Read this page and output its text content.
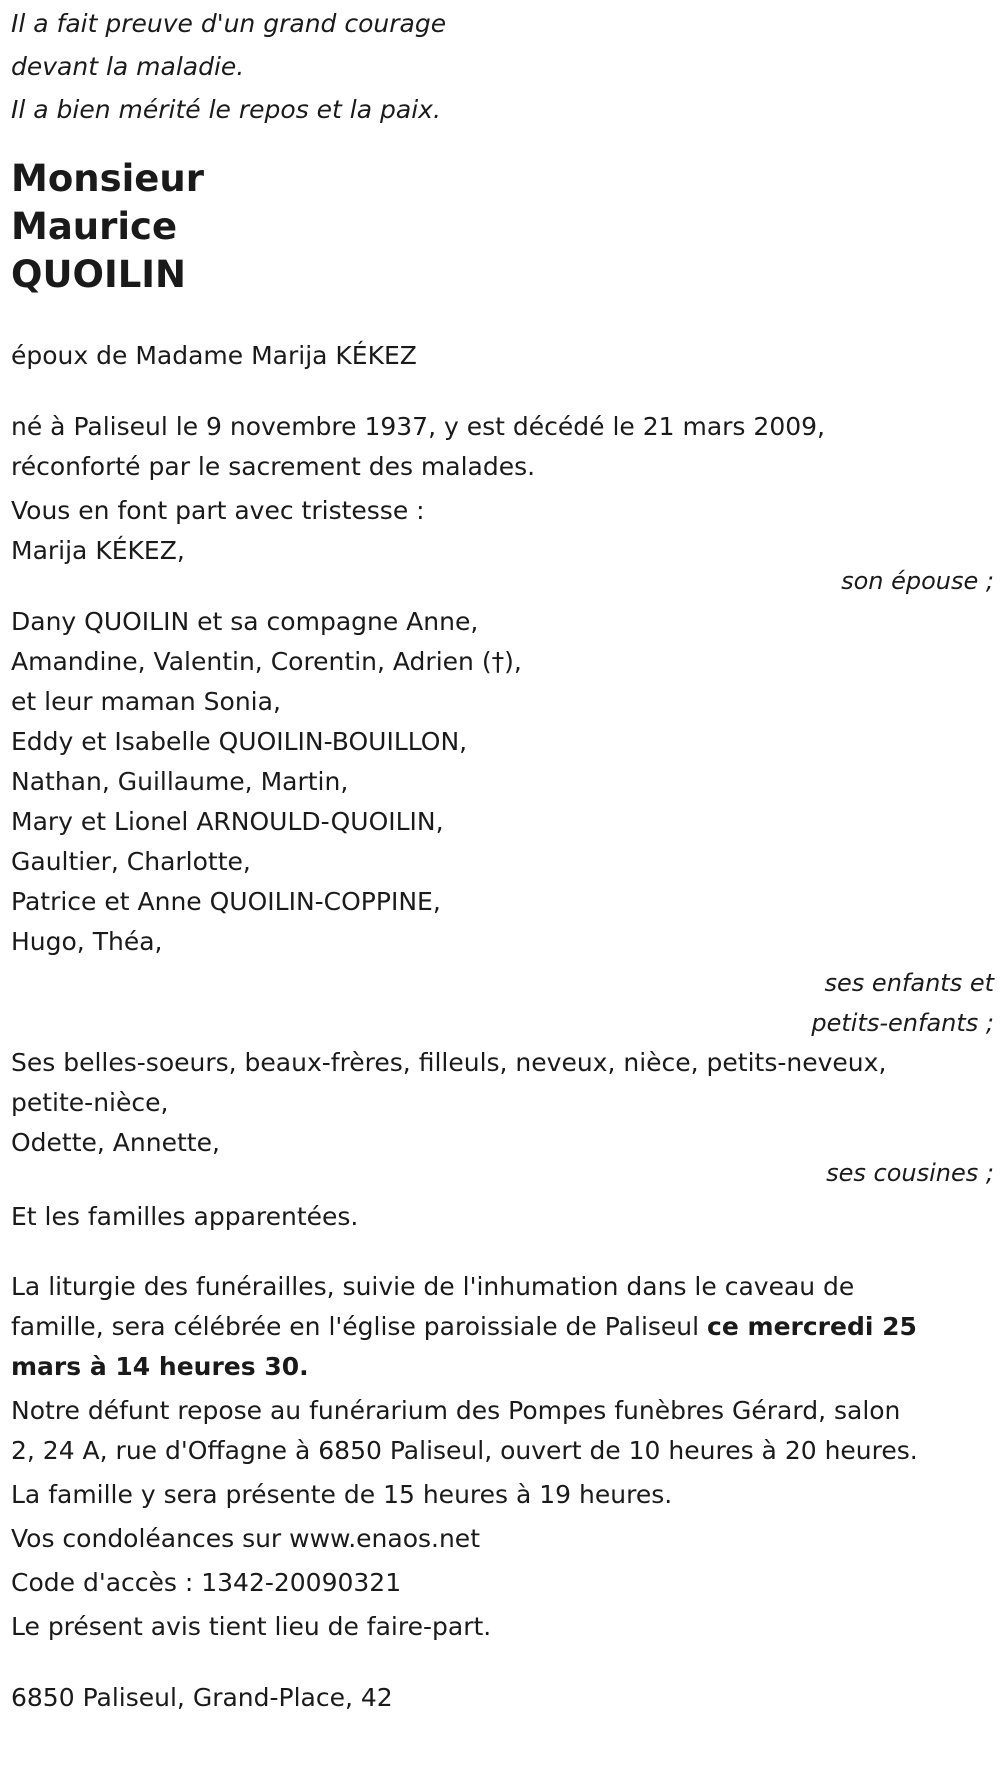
Il a fait preuve d'un grand courage
devant la maladie.
Il a bien mérité le repos et la paix.
Monsieur
Maurice
QUOILIN
époux de Madame Marija KÉKEZ
né à Paliseul le 9 novembre 1937, y est décédé le 21 mars 2009,
réconforté par le sacrement des malades.
Vous en font part avec tristesse :
Marija KÉKEZ,
son épouse ;
Dany QUOILIN et sa compagne Anne,
Amandine, Valentin, Corentin, Adrien (†),
et leur maman Sonia,
Eddy et Isabelle QUOILIN-BOUILLON,
Nathan, Guillaume, Martin,
Mary et Lionel ARNOULD-QUOILIN,
Gaultier, Charlotte,
Patrice et Anne QUOILIN-COPPINE,
Hugo, Théa,
ses enfants et
petits-enfants ;
Ses belles-soeurs, beaux-frères, filleuls, neveux, nièce, petits-neveux,
petite-nièce,
Odette, Annette,
ses cousines ;
Et les familles apparentées.
La liturgie des funérailles, suivie de l'inhumation dans le caveau de
famille, sera célébrée en l'église paroissiale de Paliseul ce mercredi 25
mars à 14 heures 30.
Notre défunt repose au funérarium des Pompes funèbres Gérard, salon
2, 24 A, rue d'Offagne à 6850 Paliseul, ouvert de 10 heures à 20 heures.
La famille y sera présente de 15 heures à 19 heures.
Vos condoléances sur www.enaos.net
Code d'accès : 1342-20090321
Le présent avis tient lieu de faire-part.
6850 Paliseul, Grand-Place, 42
